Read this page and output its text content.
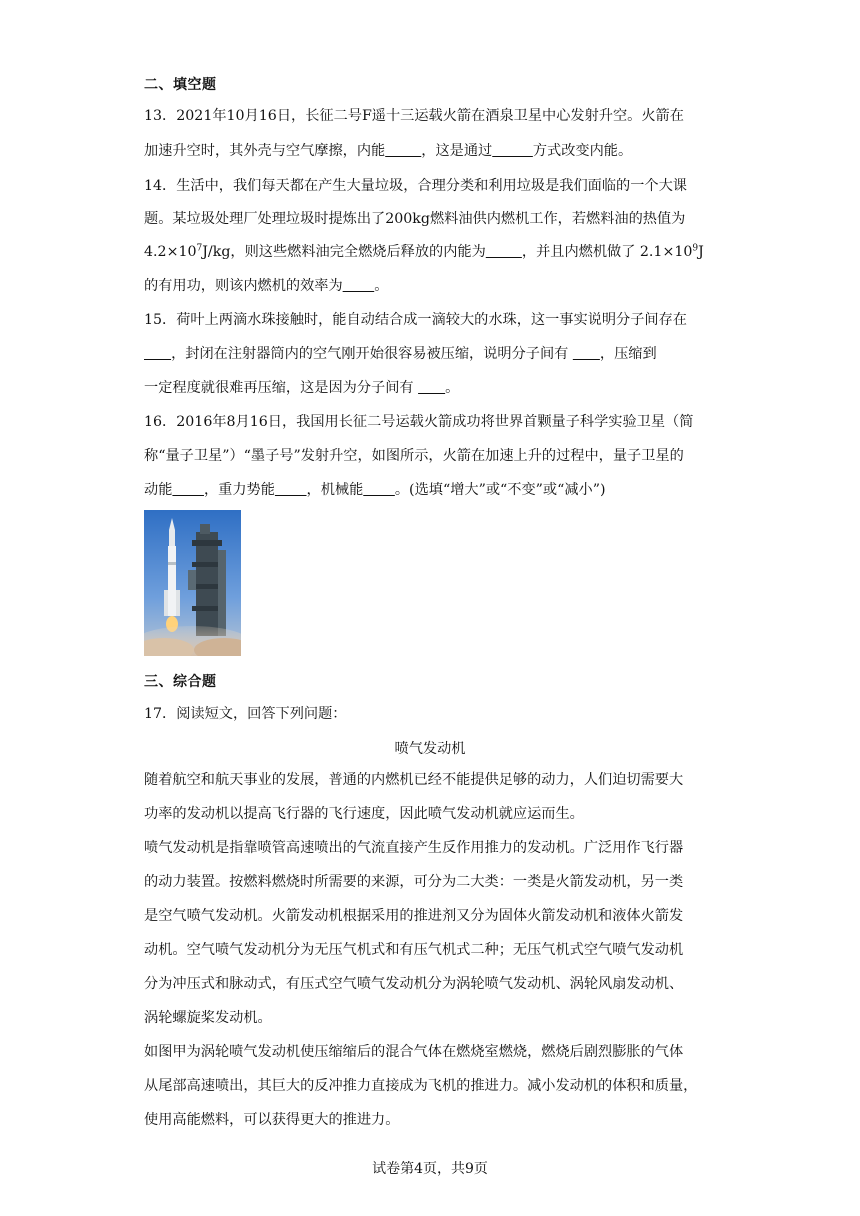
二、填空题
13．2021年10月16日，长征二号F遥十三运载火箭在酒泉卫星中心发射升空。火箭在
加速升空时，其外壳与空气摩擦，内能	，这是通过	方式改变内能。
14．生活中，我们每天都在产生大量垃圾，合理分类和利用垃圾是我们面临的一个大课
题。某垃圾处理厂处理垃圾时提炼出了200kg燃料油供内燃机工作，若燃料油的热值为
$4.2\times 10^7J/kg$，则这些燃料油完全燃烧后释放的内能为	，并且内燃机做了 $2.1\times 10^9J$
的有用功，则该内燃机的效率为 。
15．荷叶上两滴水珠接触时，能自动结合成一滴较大的水珠，这一事实说明分子间存在
，封闭在注射器筒内的空气刚开始很容易被压缩，说明分子间有       ，压缩到
一定程度就很难再压缩，这是因为分子间有       。
16．2016年8月16日，我国用长征二号运载火箭成功将世界首颗量子科学实验卫星（简
称“量子卫星”）“墨子号”发射升空，如图所示，火箭在加速上升的过程中，量子卫星的
动能 ，重力势能 ，机械能 。(选填“增大”或“不变”或“减小”)
三、综合题
17．阅读短文，回答下列问题：
喷气发动机
随着航空和航天事业的发展，普通的内燃机已经不能提供足够的动力，人们迫切需要大
功率的发动机以提高飞行器的飞行速度，因此喷气发动机就应运而生。
喷气发动机是指靠喷管高速喷出的气流直接产生反作用推力的发动机。广泛用作飞行器
的动力装置。按燃料燃烧时所需要的来源，可分为二大类：一类是火箭发动机，另一类
是空气喷气发动机。火箭发动机根据采用的推进剂又分为固体火箭发动机和液体火箭发
动机。空气喷气发动机分为无压气机式和有压气机式二种；无压气机式空气喷气发动机
分为冲压式和脉动式，有压式空气喷气发动机分为涡轮喷气发动机、涡轮风扇发动机、
涡轮螺旋桨发动机。
如图甲为涡轮喷气发动机使压缩缩后的混合气体在燃烧室燃烧，燃烧后剧烈膨胀的气体
从尾部高速喷出，其巨大的反冲推力直接成为飞机的推进力。减小发动机的体积和质量，
使用高能燃料，可以获得更大的推进力。
试卷第4页，共9页
